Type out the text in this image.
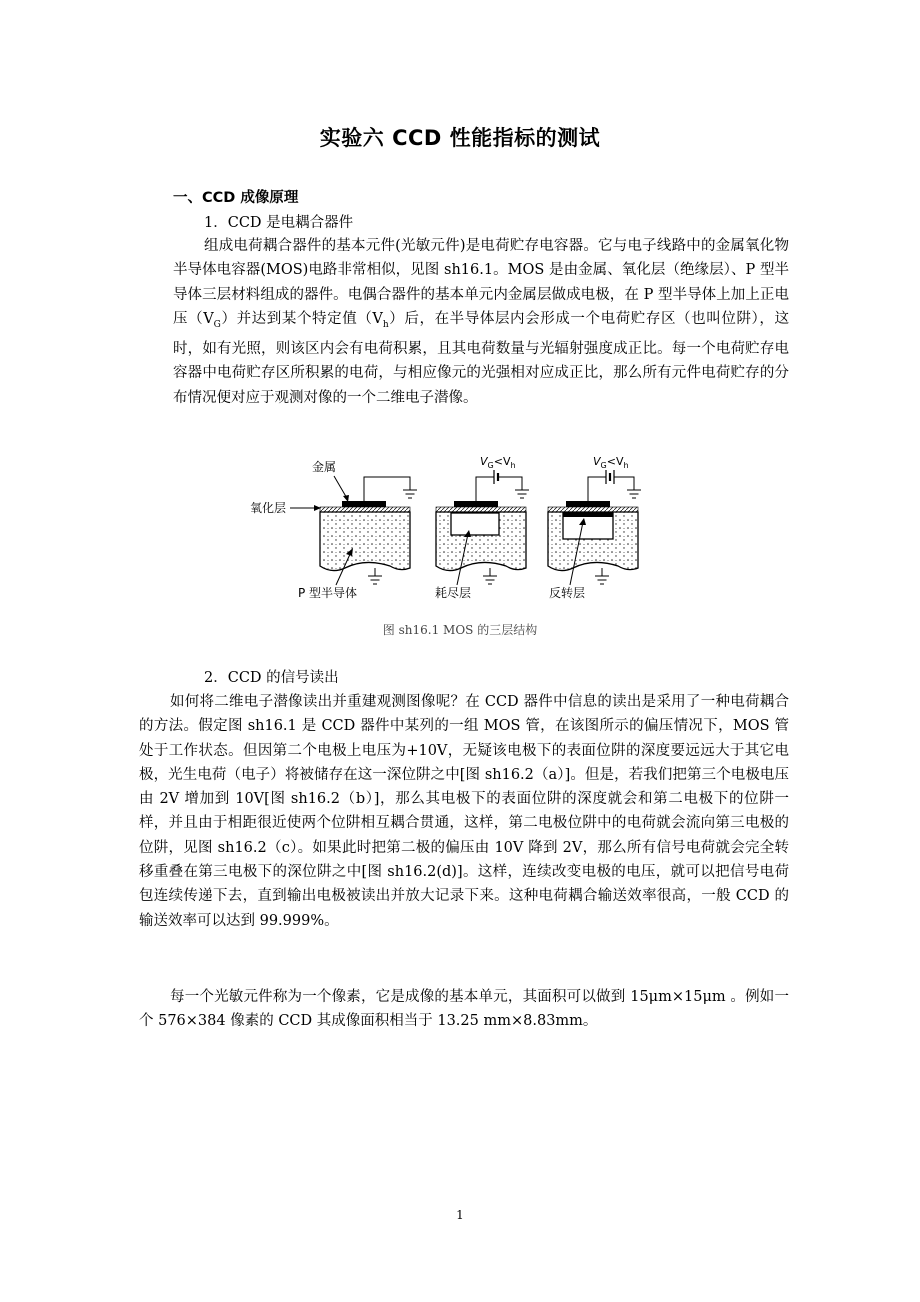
实验六 CCD 性能指标的测试
一、CCD 成像原理
1．CCD 是电耦合器件

组成电荷耦合器件的基本元件(光敏元件)是电荷贮存电容器。它与电子线路中的金属氧化物半导体电容器(MOS)电路非常相似，见图 sh16.1。MOS 是由金属、氧化层（绝缘层）、P 型半导体三层材料组成的器件。电偶合器件的基本单元内金属层做成电极，在 P 型半导体上加上正电压$(V_G)$并达到某个特定值$(V_h)$后，在半导体层内会形成一个电荷贮存区（也叫位阱），这时，如有光照，则该区内会有电荷积累，且其电荷数量与光辐射强度成正比。每一个电荷贮存电容器中电荷贮存区所积累的电荷，与相应像元的光强相对应成正比，那么所有元件电荷贮存的分布情况便对应于观测对像的一个二维电子潜像。

金属
氧化层
P 型半导体
$V_G<V_h$
耗尽层
$V_G<V_h$
反转层
图 sh16.1 MOS 的三层结构
2．CCD 的信号读出

如何将二维电子潜像读出并重建观测图像呢？在 CCD 器件中信息的读出是采用了一种电荷耦合的方法。假定图 sh16.1 是 CCD 器件中某列的一组 MOS 管，在该图所示的偏压情况下，MOS 管处于工作状态。但因第二个电极上电压为+10V，无疑该电极下的表面位阱的深度要远远大于其它电极，光生电荷（电子）将被储存在这一深位阱之中[图 sh16.2（a）]。但是，若我们把第三个电极电压由 2V 增加到 10V[图 sh16.2（b）]，那么其电极下的表面位阱的深度就会和第二电极下的位阱一样，并且由于相距很近使两个位阱相互耦合贯通，这样，第二电极位阱中的电荷就会流向第三电极的位阱，见图 sh16.2（c）。如果此时把第二极的偏压由 10V 降到 2V，那么所有信号电荷就会完全转移重叠在第三电极下的深位阱之中[图 sh16.2(d)]。这样，连续改变电极的电压，就可以把信号电荷包连续传递下去，直到输出电极被读出并放大记录下来。这种电荷耦合输送效率很高，一般 CCD 的输送效率可以达到 99.999%。

每一个光敏元件称为一个像素，它是成像的基本单元，其面积可以做到 15μm×15μm 。例如一个 576×384 像素的 CCD 其成像面积相当于 13.25 mm×8.83mm。

1
